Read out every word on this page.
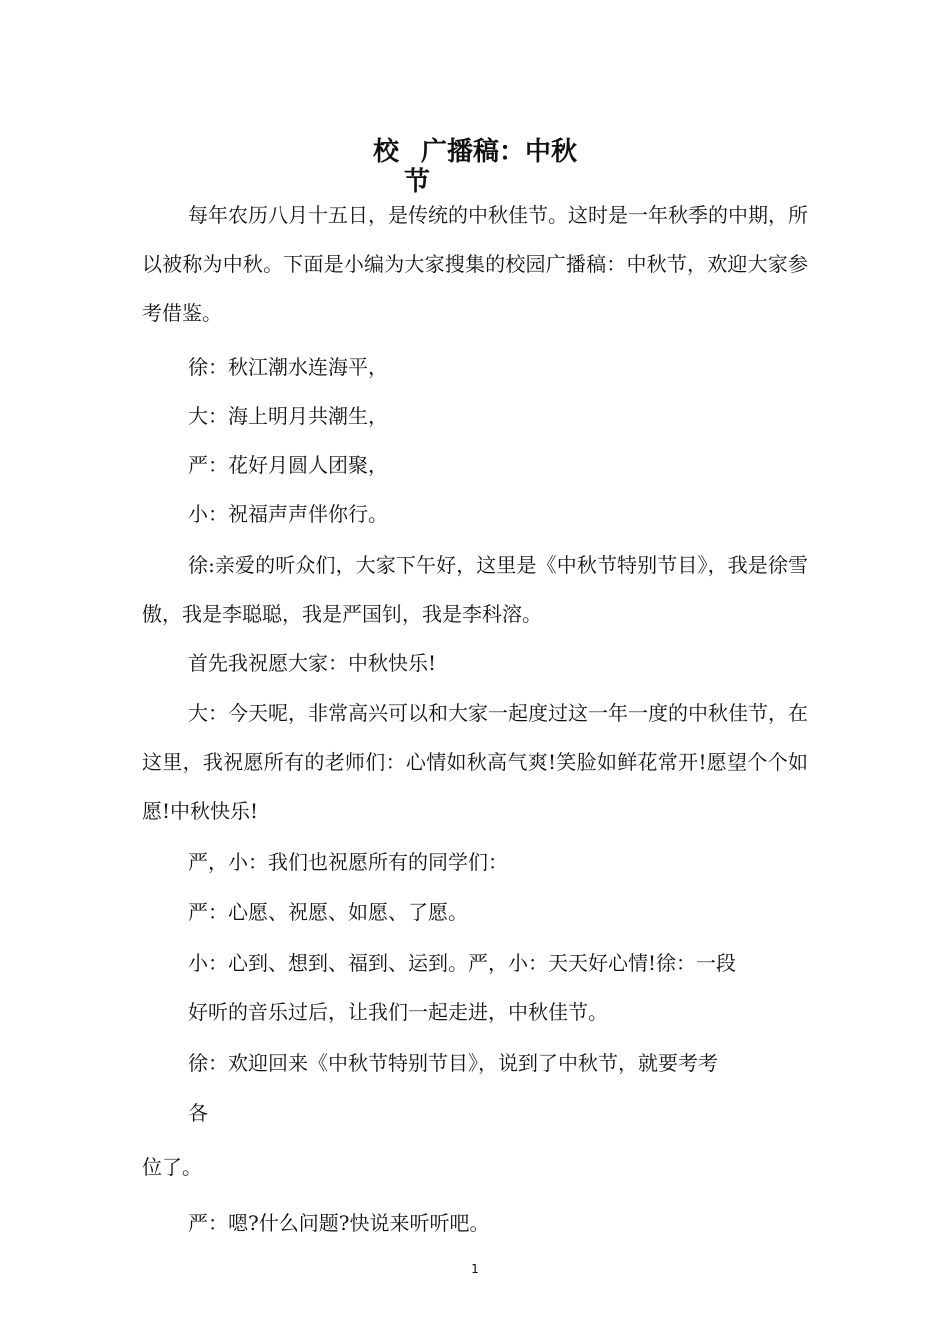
校 广播稿：中秋
节

每年农历八月十五日，是传统的中秋佳节。这时是一年秋季的中期，所以被称为中秋。下面是小编为大家搜集的校园广播稿：中秋节，欢迎大家参考借鉴。

徐：秋江潮水连海平，

大：海上明月共潮生，

严：花好月圆人团聚，

小：祝福声声伴你行。

徐:亲爱的听众们，大家下午好，这里是《中秋节特别节目》，我是徐雪傲，我是李聪聪，我是严国钊，我是李科溶。

首先我祝愿大家：中秋快乐!

大：今天呢，非常高兴可以和大家一起度过这一年一度的中秋佳节，在这里，我祝愿所有的老师们：心情如秋高气爽!笑脸如鲜花常开!愿望个个如愿!中秋快乐!

严，小：我们也祝愿所有的同学们：

严：心愿、祝愿、如愿、了愿。

小：心到、想到、福到、运到。严，小：天天好心情!徐：一段

好听的音乐过后，让我们一起走进，中秋佳节。

徐：欢迎回来《中秋节特别节目》，说到了中秋节，就要考考

各

位了。

严：嗯?什么问题?快说来听听吧。

1
